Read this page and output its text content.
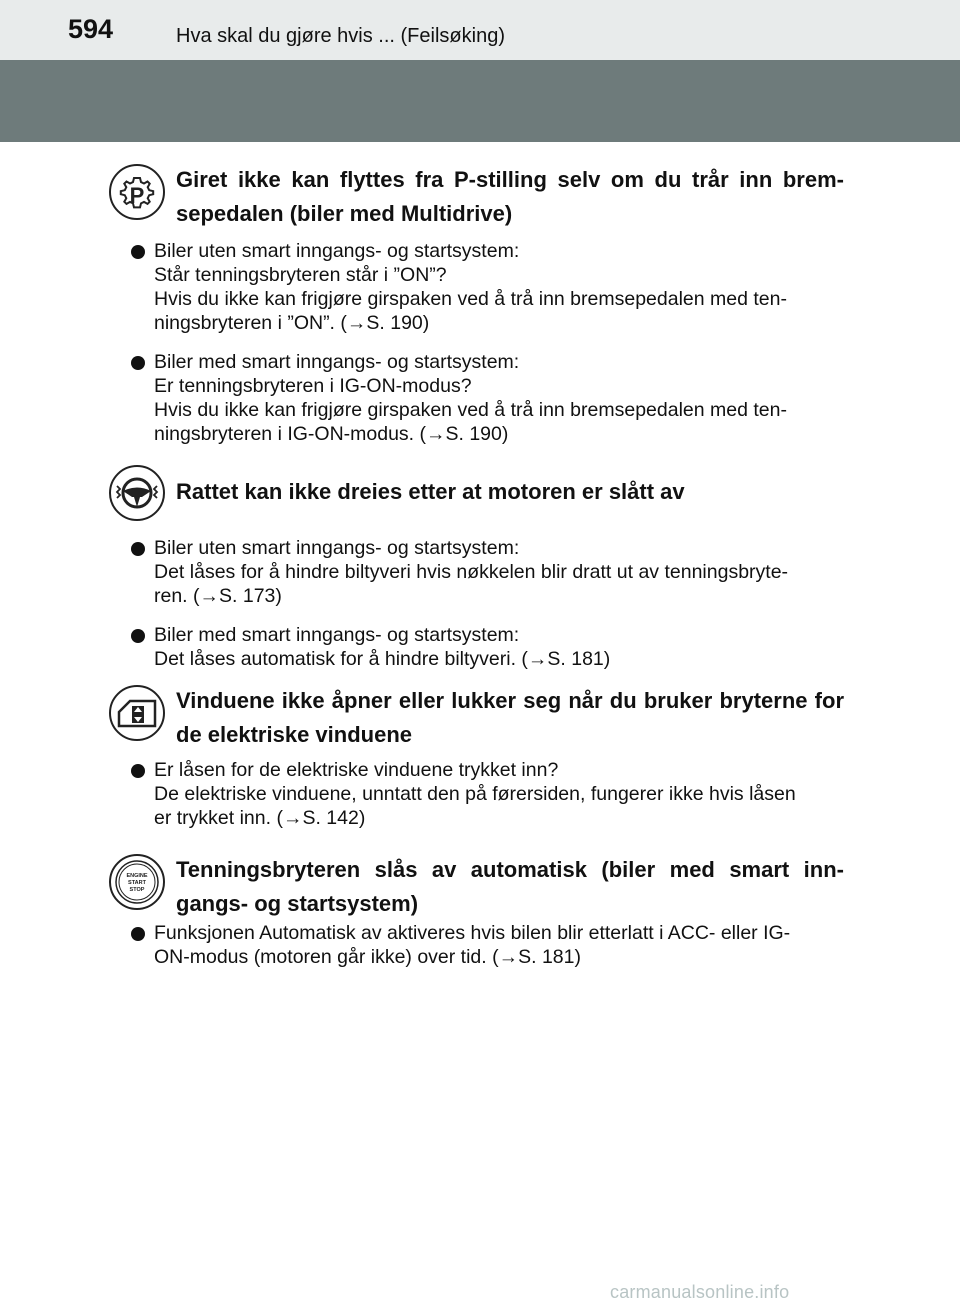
594	Hva skal du gjøre hvis ... (Feilsøking)
P
Giret ikke kan flyttes fra P-stilling selv om du trår inn brem-sepedalen (biler med Multidrive)
Biler uten smart inngangs- og startsystem:
Står tenningsbryteren står i ”ON”?
Hvis du ikke kan frigjøre girspaken ved å trå inn bremsepedalen med ten-
ningsbryteren i ”ON”. (→S. 190)
Biler med smart inngangs- og startsystem:
Er tenningsbryteren i IG-ON-modus?
Hvis du ikke kan frigjøre girspaken ved å trå inn bremsepedalen med ten-
ningsbryteren i IG-ON-modus. (→S. 190)
Rattet kan ikke dreies etter at motoren er slått av
Biler uten smart inngangs- og startsystem:
Det låses for å hindre biltyveri hvis nøkkelen blir dratt ut av tenningsbryte-
ren. (→S. 173)
Biler med smart inngangs- og startsystem:
Det låses automatisk for å hindre biltyveri. (→S. 181)
Vinduene ikke åpner eller lukker seg når du bruker bryterne for de elektriske vinduene
Er låsen for de elektriske vinduene trykket inn?
De elektriske vinduene, unntatt den på førersiden, fungerer ikke hvis låsen
er trykket inn. (→S. 142)
ENGINE
START
STOP
Tenningsbryteren slås av automatisk (biler med smart inn-gangs- og startsystem)
Funksjonen Automatisk av aktiveres hvis bilen blir etterlatt i ACC- eller IG-
ON-modus (motoren går ikke) over tid. (→S. 181)
carmanualsonline.info
